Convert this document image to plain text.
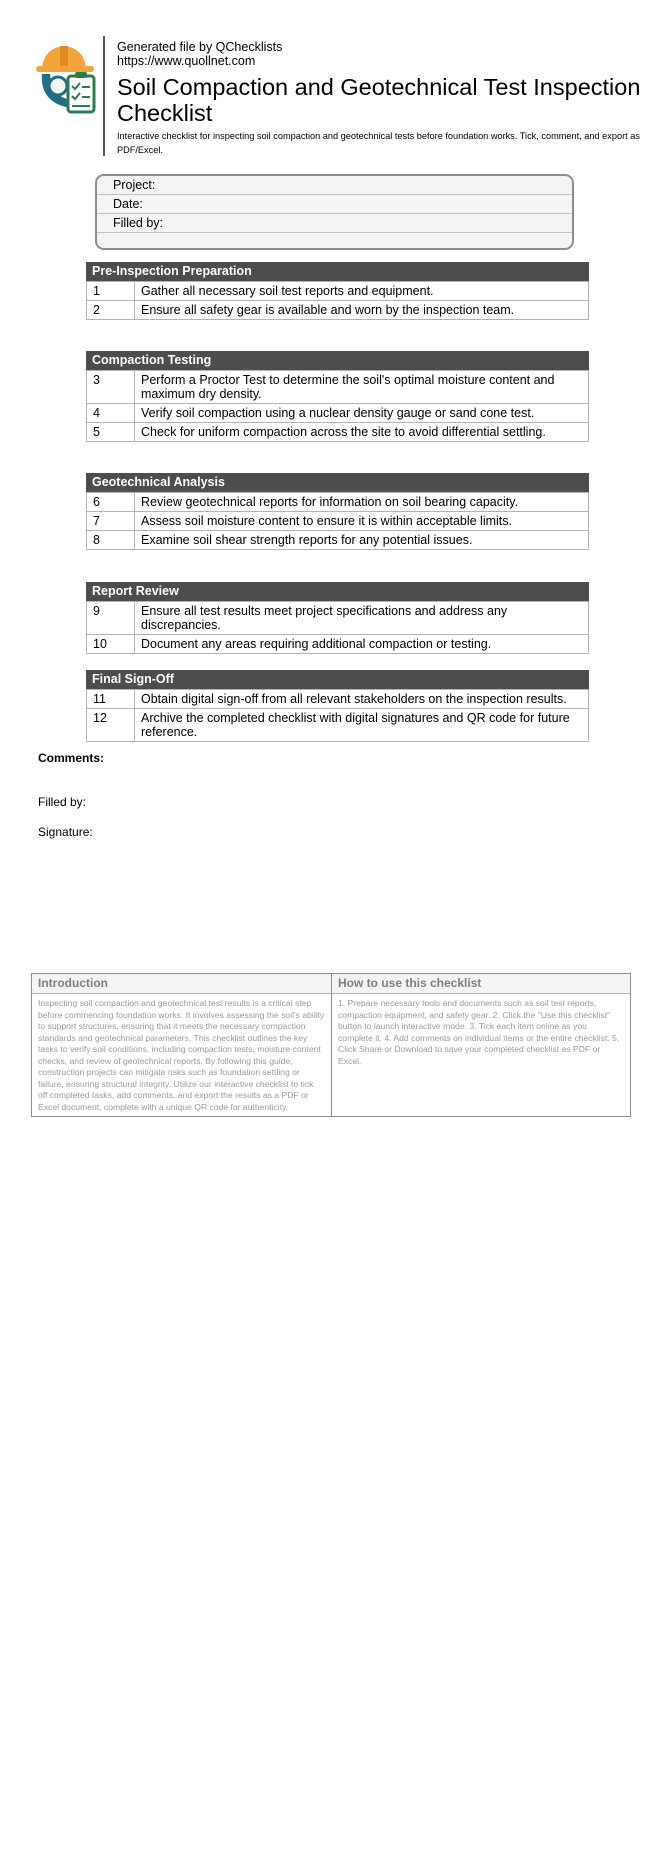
Generated file by QChecklists
https://www.quollnet.com
Soil Compaction and Geotechnical Test Inspection Checklist
Interactive checklist for inspecting soil compaction and geotechnical tests before foundation works. Tick, comment, and export as PDF/Excel.
Project:
Date:
Filled by:
Pre-Inspection Preparation
1	Gather all necessary soil test reports and equipment.
2	Ensure all safety gear is available and worn by the inspection team.
Compaction Testing
3	Perform a Proctor Test to determine the soil's optimal moisture content and maximum dry density.
4	Verify soil compaction using a nuclear density gauge or sand cone test.
5	Check for uniform compaction across the site to avoid differential settling.
Geotechnical Analysis
6	Review geotechnical reports for information on soil bearing capacity.
7	Assess soil moisture content to ensure it is within acceptable limits.
8	Examine soil shear strength reports for any potential issues.
Report Review
9	Ensure all test results meet project specifications and address any discrepancies.
10	Document any areas requiring additional compaction or testing.
Final Sign-Off
11	Obtain digital sign-off from all relevant stakeholders on the inspection results.
12	Archive the completed checklist with digital signatures and QR code for future reference.
Comments:
Filled by:
Signature:
Introduction
Inspecting soil compaction and geotechnical test results is a critical step before commencing foundation works. It involves assessing the soil's ability to support structures, ensuring that it meets the necessary compaction standards and geotechnical parameters. This checklist outlines the key tasks to verify soil conditions, including compaction tests, moisture content checks, and review of geotechnical reports. By following this guide, construction projects can mitigate risks such as foundation settling or failure, ensuring structural integrity. Utilize our interactive checklist to tick off completed tasks, add comments, and export the results as a PDF or Excel document, complete with a unique QR code for authenticity.
How to use this checklist
1. Prepare necessary tools and documents such as soil test reports, compaction equipment, and safety gear. 2. Click the "Use this checklist" button to launch interactive mode. 3. Tick each item online as you complete it. 4. Add comments on individual items or the entire checklist. 5. Click Share or Download to save your completed checklist as PDF or Excel.
